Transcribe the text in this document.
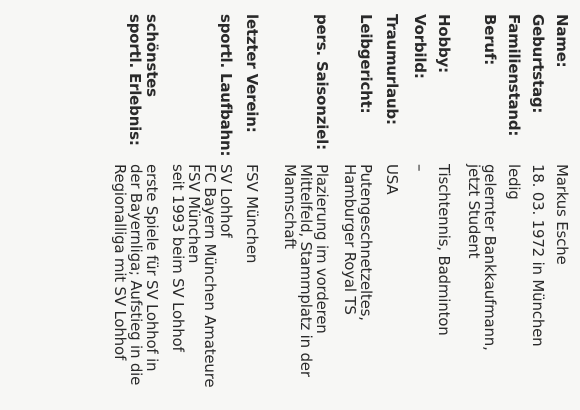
Name:
Markus Esche
Geburtstag:
18. 03. 1972 in München
Familienstand:
ledig
Beruf:
gelernter Bankkaufmann,
jetzt Student
Hobby:
Tischtennis, Badminton
Vorbild:
–
Traumurlaub:
USA
Leibgericht:
Putengeschnetzeltes,
Hamburger Royal TS
pers. Saisonziel:
Plazierung im vorderen
Mittelfeld, Stammplatz in der
Mannschaft
letzter Verein:
FSV München
sportl. Laufbahn:
SV Lohhof
FC Bayern München Amateure
FSV München
seit 1993 beim SV Lohhof
schönstes
sportl. Erlebnis:
erste Spiele für SV Lohhof in
der Bayernliga; Aufstieg in die
Regionalliga mit SV Lohhof
